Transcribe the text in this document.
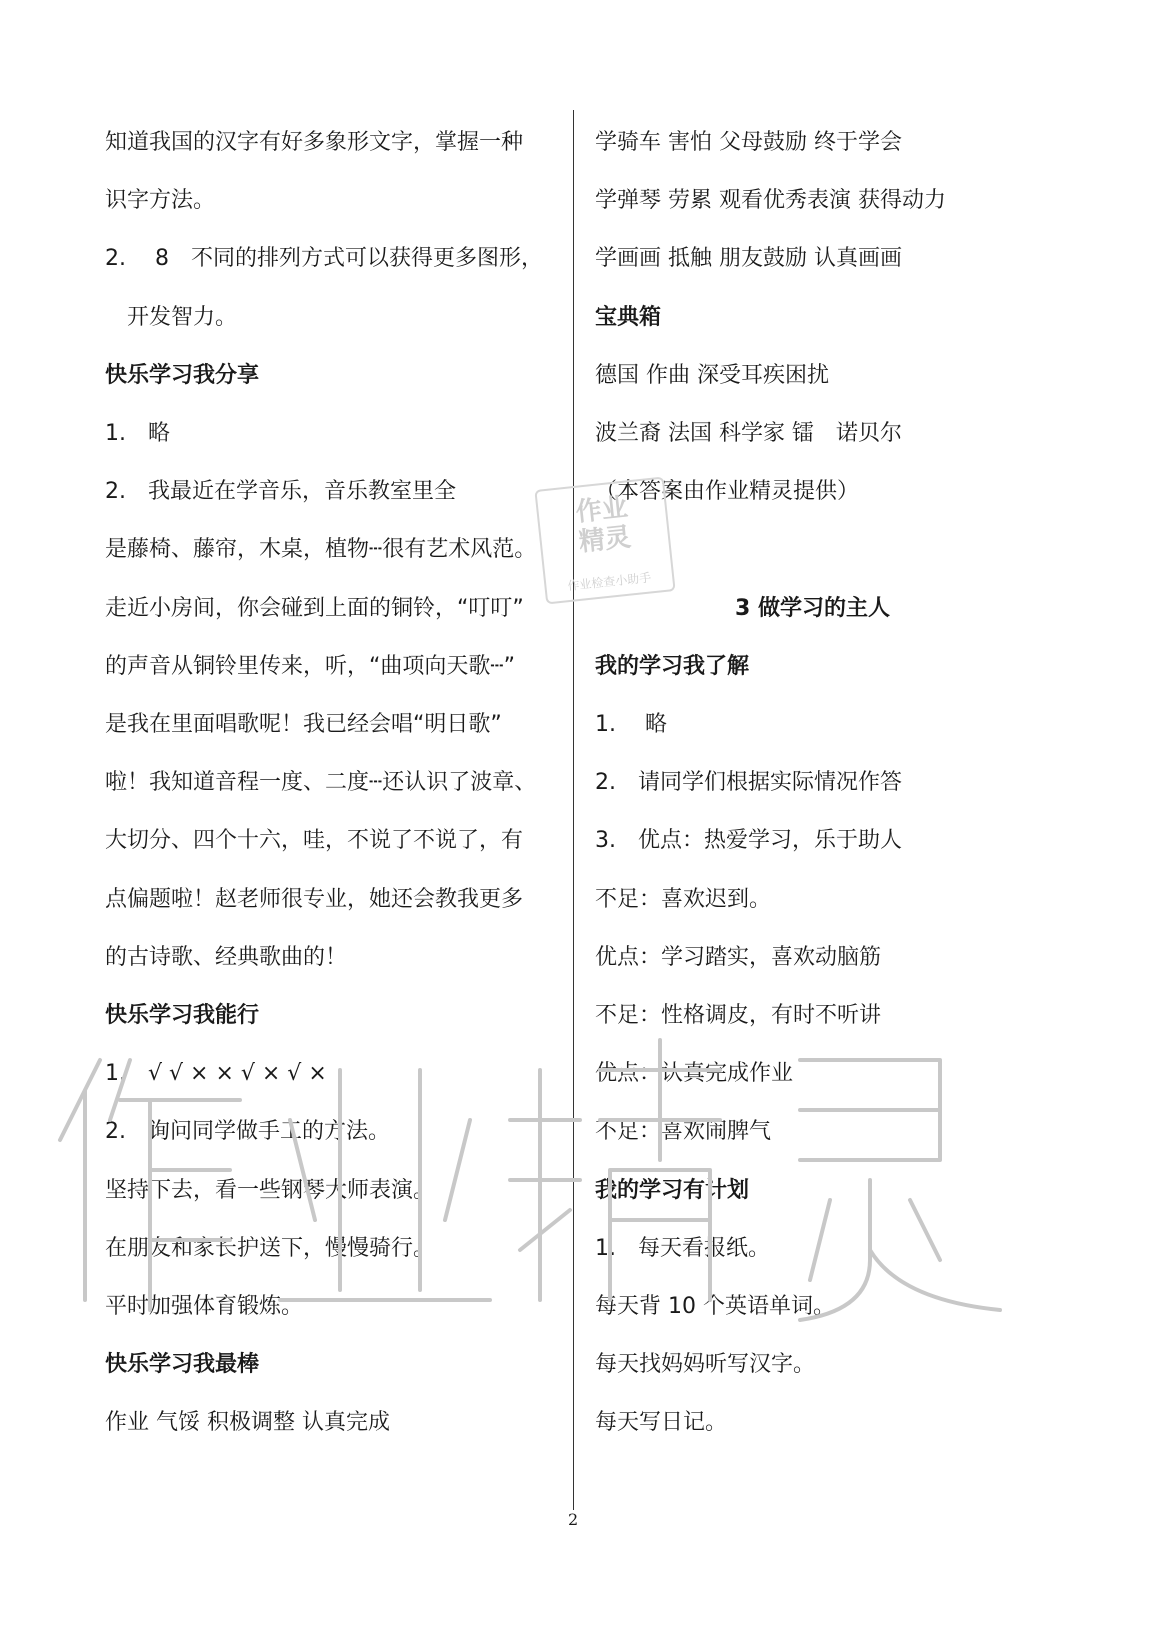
知道我国的汉字有好多象形文字，掌握一种
识字方法。
2.　 8　不同的排列方式可以获得更多图形，
　开发智力。
快乐学习我分享
1.　略
2.　我最近在学音乐，音乐教室里全
是藤椅、藤帘，木桌，植物┄很有艺术风范。
走近小房间，你会碰到上面的铜铃，“叮叮”
的声音从铜铃里传来，听，“曲项向天歌┄”
是我在里面唱歌呢！我已经会唱“明日歌”
啦！我知道音程一度、二度┄还认识了波章、
大切分、四个十六，哇，不说了不说了，有
点偏题啦！赵老师很专业，她还会教我更多
的古诗歌、经典歌曲的！
快乐学习我能行
1.　√ √ × × √ × √ ×
2.　询问同学做手工的方法。
坚持下去，看一些钢琴大师表演。
在朋友和家长护送下，慢慢骑行。
平时加强体育锻炼。
快乐学习我最棒
作业 气馁 积极调整 认真完成
学骑车 害怕 父母鼓励 终于学会
学弹琴 劳累 观看优秀表演 获得动力
学画画 抵触 朋友鼓励 认真画画
宝典箱
德国 作曲 深受耳疾困扰
波兰裔 法国 科学家 镭　诺贝尔
（本答案由作业精灵提供）
3 做学习的主人
我的学习我了解
1.　 略
2.　请同学们根据实际情况作答
3.　优点：热爱学习，乐于助人
不足：喜欢迟到。
优点：学习踏实，喜欢动脑筋
不足：性格调皮，有时不听讲
优点：认真完成作业
不足：喜欢闹脾气
我的学习有计划
1.　每天看报纸。
每天背 10 个英语单词。
每天找妈妈听写汉字。
每天写日记。
作业
精灵
作业检查小助手
2
